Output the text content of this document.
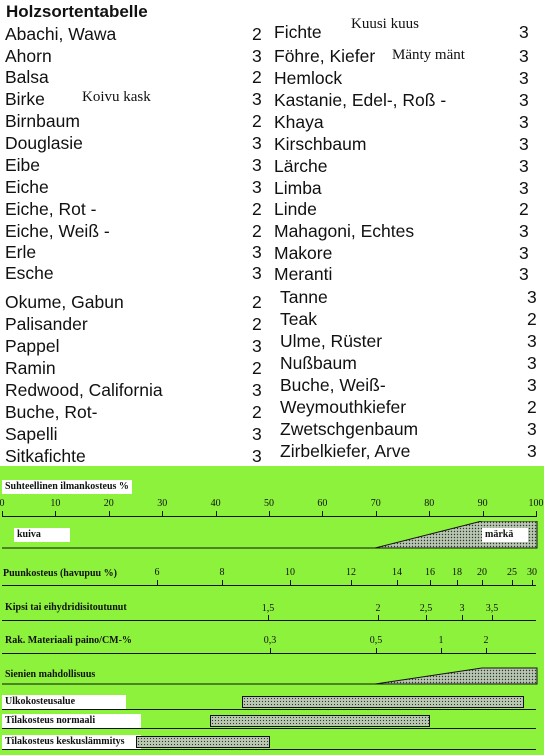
Holzsortentabelle
Kuusi kuus
Mänty mänt
Koivu kask
Abachi, Wawa	2
Ahorn	3
Balsa	2
Birke	3
Birnbaum	2
Douglasie	3
Eibe	3
Eiche	3
Eiche, Rot -	2
Eiche, Weiß -	2
Erle	3
Esche	3
Okume, Gabun	2
Palisander	2
Pappel	3
Ramin	2
Redwood, California	3
Buche, Rot-	2
Sapelli	3
Sitkafichte	3
Fichte	3
Föhre, Kiefer	3
Hemlock	3
Kastanie, Edel-, Roß -	3
Khaya	3
Kirschbaum	3
Lärche	3
Limba	3
Linde	2
Mahagoni, Echtes	3
Makore	3
Meranti	3
Tanne	3
Teak	2
Ulme, Rüster	3
Nußbaum	3
Buche, Weiß-	3
Weymouthkiefer	2
Zwetschgenbaum	3
Zirbelkiefer, Arve	3
Suhteellinen ilmankosteus %
kuiva	märkä
Puunkosteus (havupuu %)
Kipsi tai eihydridisitoutunut
Rak. Materiaali paino/CM-%
Sienien mahdollisuus
Ulkokosteusalue
Tilakosteus normaali
Tilakosteus keskuslämmitys
0	10	20	30	40	50	60	70	80	90	100
6	8	10	12	14 16 18 20 25 30
1,5	2	2,5	3 3,5
0,3	0,5	1	2
